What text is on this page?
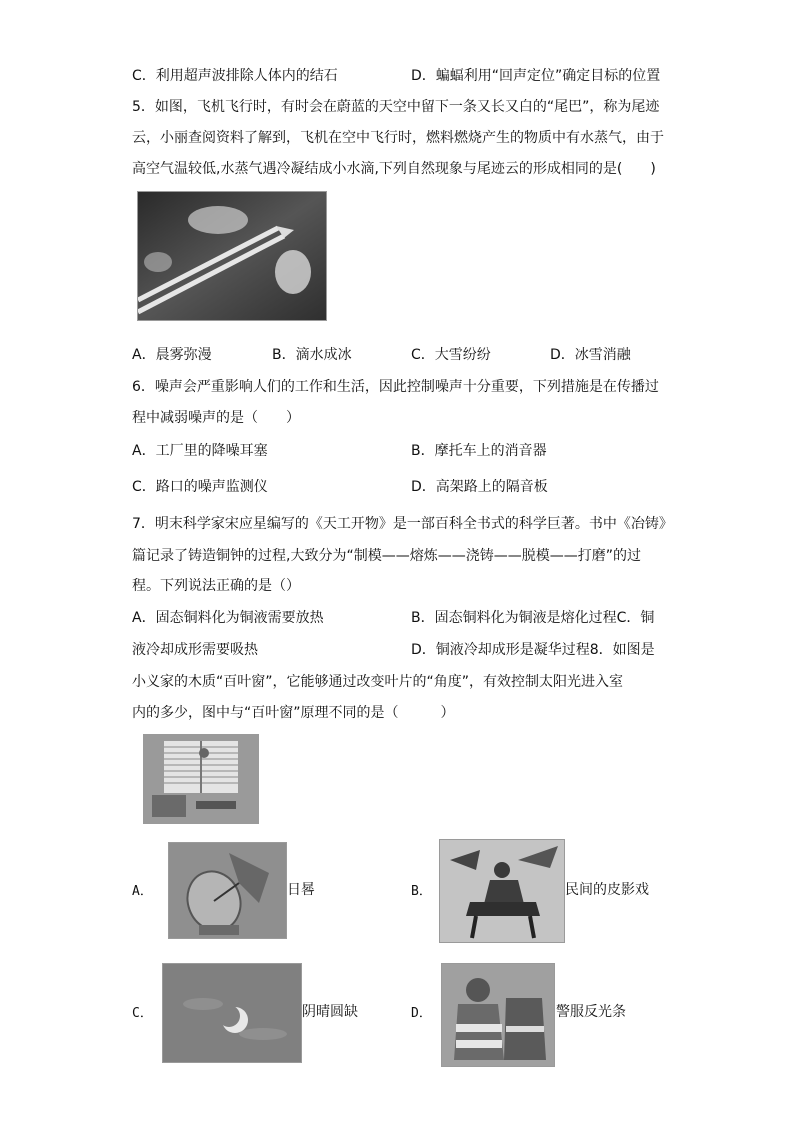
C．利用超声波排除人体内的结石	D．蝙蝠利用“回声定位”确定目标的位置
5．如图，飞机飞行时，有时会在蔚蓝的天空中留下一条又长又白的“尾巴”，称为尾迹
云，小丽查阅资料了解到，飞机在空中飞行时，燃料燃烧产生的物质中有水蒸气，由于
高空气温较低,水蒸气遇冷凝结成小水滴,下列自然现象与尾迹云的形成相同的是(　　)
A．晨雾弥漫	B．滴水成冰	C．大雪纷纷	D．冰雪消融
6．噪声会严重影响人们的工作和生活，因此控制噪声十分重要，下列措施是在传播过
程中减弱噪声的是（　　）
A．工厂里的降噪耳塞	B．摩托车上的消音器
C．路口的噪声监测仪	D．高架路上的隔音板
7．明末科学家宋应星编写的《天工开物》是一部百科全书式的科学巨著。书中《冶铸》
篇记录了铸造铜钟的过程,大致分为“制模——熔炼——浇铸——脱模——打磨”的过
程。下列说法正确的是（）
A．固态铜料化为铜液需要放热	B．固态铜料化为铜液是熔化过程C．铜
液冷却成形需要吸热	D．铜液冷却成形是凝华过程8．如图是
小义家的木质“百叶窗”，它能够通过改变叶片的“角度”，有效控制太阳光进入室
内的多少，图中与“百叶窗”原理不同的是（　　　）
A．	日晷	B．	民间的皮影戏
C．	阴晴圆缺	D．	警服反光条
